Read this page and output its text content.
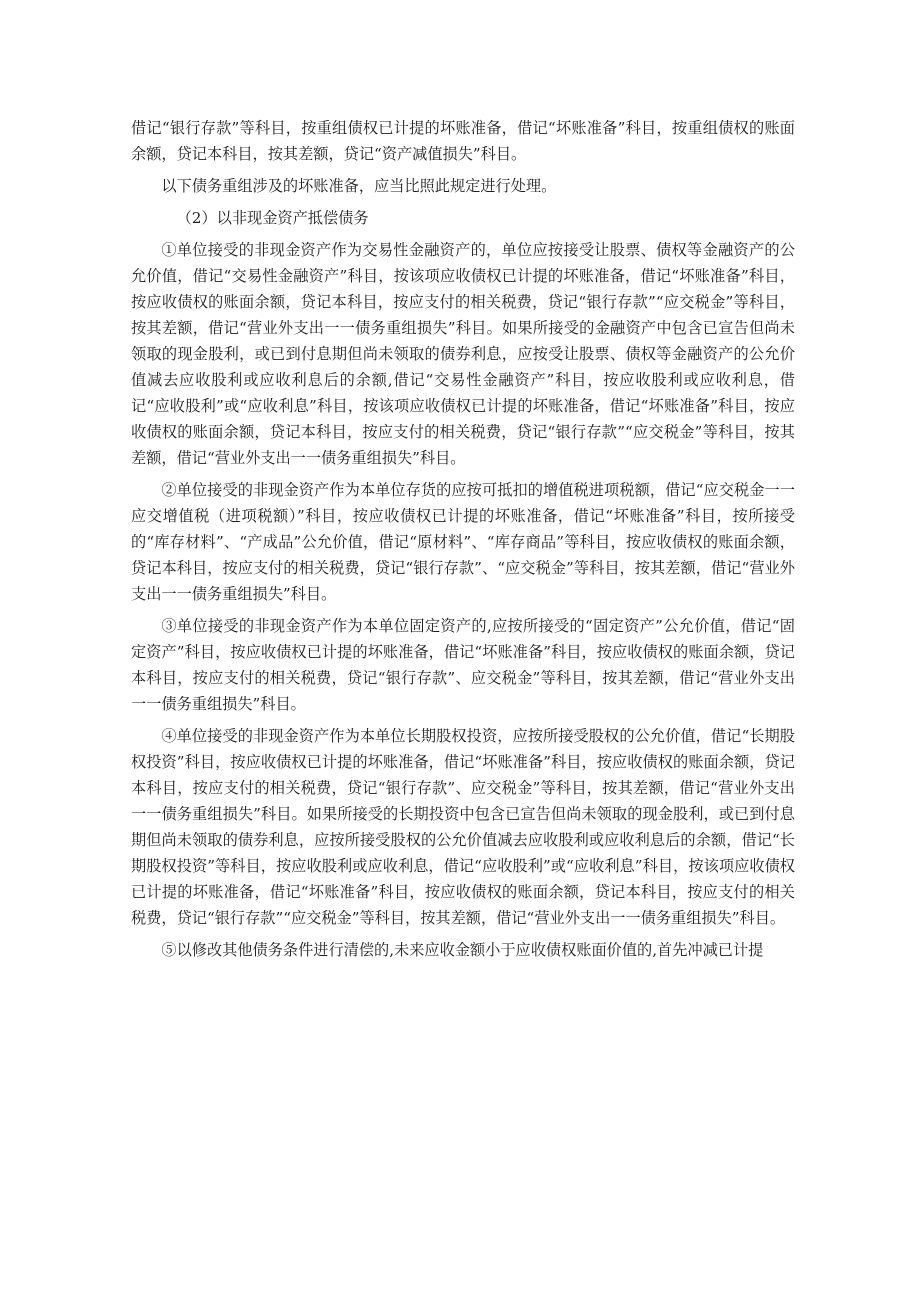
借记“银行存款”等科目，按重组债权已计提的坏账准备，借记“坏账准备”科目，按重组债权的账面余额，贷记本科目，按其差额，贷记“资产减值损失”科目。

以下债务重组涉及的坏账准备，应当比照此规定进行处理。

（2）以非现金资产抵偿债务

①单位接受的非现金资产作为交易性金融资产的，单位应按接受让股票、债权等金融资产的公允价值，借记“交易性金融资产”科目，按该项应收债权已计提的坏账准备，借记“坏账准备”科目，按应收债权的账面余额，贷记本科目，按应支付的相关税费，贷记“银行存款”“应交税金”等科目，按其差额，借记“营业外支出一一债务重组损失”科目。如果所接受的金融资产中包含已宣告但尚未领取的现金股利，或已到付息期但尚未领取的债券利息，应按受让股票、债权等金融资产的公允价值减去应收股利或应收利息后的余额,借记“交易性金融资产”科目，按应收股利或应收利息，借记“应收股利”或“应收利息”科目，按该项应收债权已计提的坏账准备，借记“坏账准备”科目，按应收债权的账面余额，贷记本科目，按应支付的相关税费，贷记“银行存款”“应交税金”等科目，按其差额，借记“营业外支出一一债务重组损失”科目。

②单位接受的非现金资产作为本单位存货的应按可抵扣的增值税进项税额，借记“应交税金一一应交增值税（进项税额）”科目，按应收债权已计提的坏账准备，借记“坏账准备”科目，按所接受的“库存材料”、“产成品”公允价值，借记“原材料”、“库存商品”等科目，按应收债权的账面余额，贷记本科目，按应支付的相关税费，贷记“银行存款”、“应交税金”等科目，按其差额，借记“营业外支出一一债务重组损失”科目。

③单位接受的非现金资产作为本单位固定资产的,应按所接受的“固定资产”公允价值，借记“固定资产”科目，按应收债权已计提的坏账准备，借记“坏账准备”科目，按应收债权的账面余额，贷记本科目，按应支付的相关税费，贷记“银行存款”、应交税金”等科目，按其差额，借记“营业外支出一一债务重组损失”科目。

④单位接受的非现金资产作为本单位长期股权投资，应按所接受股权的公允价值，借记“长期股权投资”科目，按应收债权已计提的坏账准备，借记“坏账准备”科目，按应收债权的账面余额，贷记本科目，按应支付的相关税费，贷记“银行存款”、应交税金”等科目，按其差额，借记“营业外支出一一债务重组损失”科目。如果所接受的长期投资中包含已宣告但尚未领取的现金股利，或已到付息期但尚未领取的债券利息，应按所接受股权的公允价值减去应收股利或应收利息后的余额，借记“长期股权投资”等科目，按应收股利或应收利息，借记“应收股利”或“应收利息”科目，按该项应收债权已计提的坏账准备，借记“坏账准备”科目，按应收债权的账面余额，贷记本科目，按应支付的相关税费，贷记“银行存款”“应交税金”等科目，按其差额，借记“营业外支出一一债务重组损失”科目。

⑤以修改其他债务条件进行清偿的,未来应收金额小于应收债权账面价值的,首先冲减已计提
